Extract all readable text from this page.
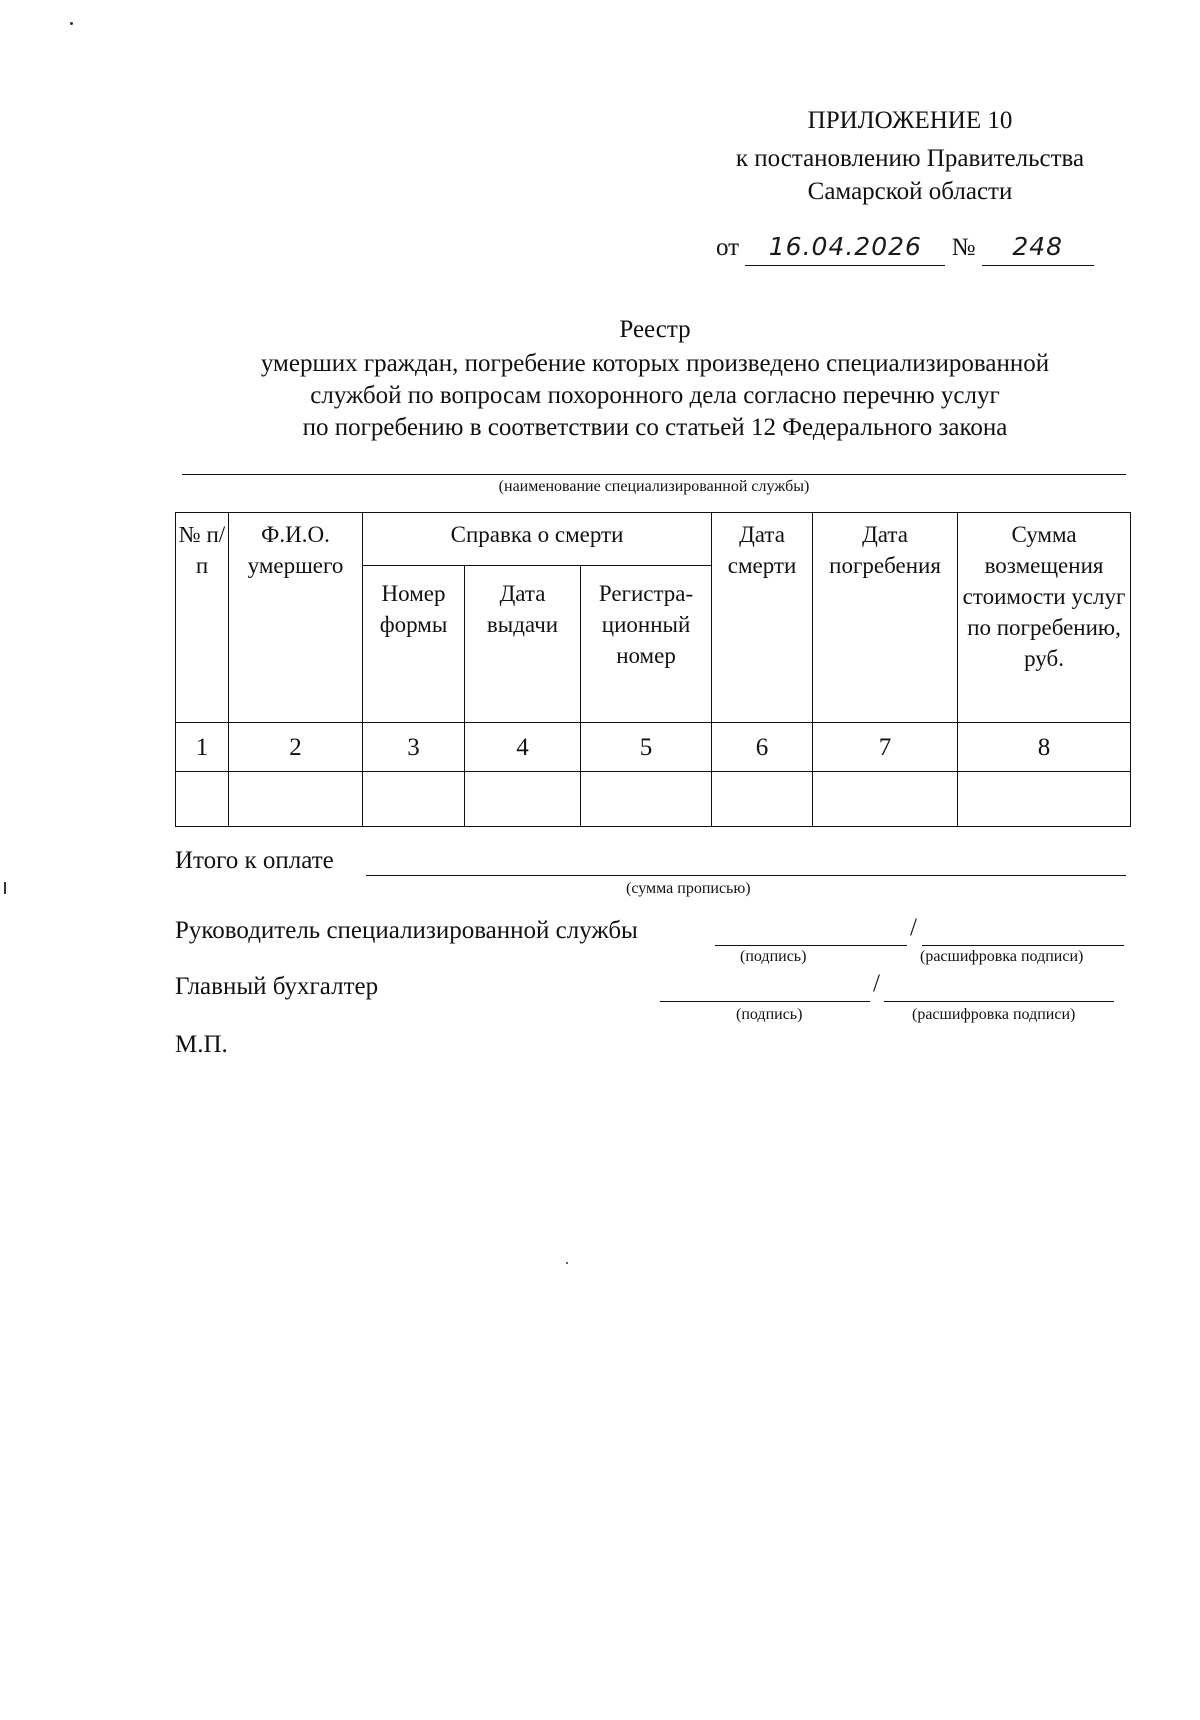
ПРИЛОЖЕНИЕ 10
к постановлению Правительства
Самарской области
от 16.04.2026 № 248
Реестр
умерших граждан, погребение которых произведено специализированной
службой по вопросам похоронного дела согласно перечню услуг
по погребению в соответствии со статьей 12 Федерального закона
(наименование специализированной службы)
№ п/п	Ф.И.О. умершего	Справка о смерти			Дата смерти	Дата погребения	Сумма возмещения стоимости услуг по погребению, руб.
		Номер формы	Дата выдачи	Регистра-ционный номер			
1	2	3	4	5	6	7	8

Итого к оплате
(сумма прописью)
Руководитель специализированной службы	/
(подпись)	(расшифровка подписи)
Главный бухгалтер	/
(подпись)	(расшифровка подписи)
М.П.
